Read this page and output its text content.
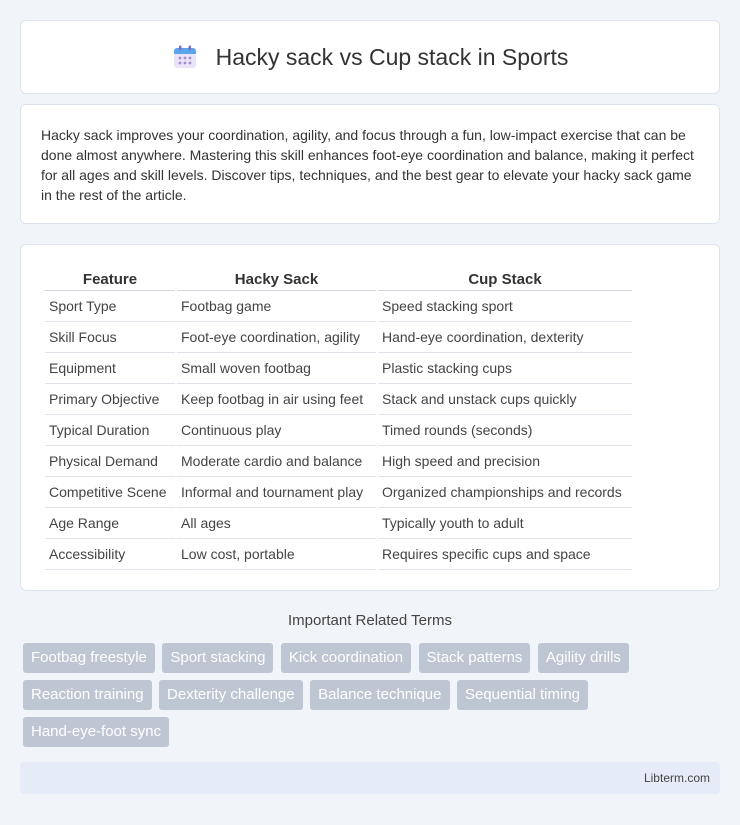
Hacky sack vs Cup stack in Sports

Hacky sack improves your coordination, agility, and focus through a fun, low-impact exercise that can be done almost anywhere. Mastering this skill enhances foot-eye coordination and balance, making it perfect for all ages and skill levels. Discover tips, techniques, and the best gear to elevate your hacky sack game in the rest of the article.

Feature	Hacky Sack	Cup Stack
Sport Type	Footbag game	Speed stacking sport
Skill Focus	Foot-eye coordination, agility	Hand-eye coordination, dexterity
Equipment	Small woven footbag	Plastic stacking cups
Primary Objective	Keep footbag in air using feet	Stack and unstack cups quickly
Typical Duration	Continuous play	Timed rounds (seconds)
Physical Demand	Moderate cardio and balance	High speed and precision
Competitive Scene	Informal and tournament play	Organized championships and records
Age Range	All ages	Typically youth to adult
Accessibility	Low cost, portable	Requires specific cups and space
Important Related Terms
Footbag freestyle Sport stacking Kick coordination Stack patterns Agility drills Reaction training Dexterity challenge Balance technique Sequential timing Hand-eye-foot sync
Libterm.com
